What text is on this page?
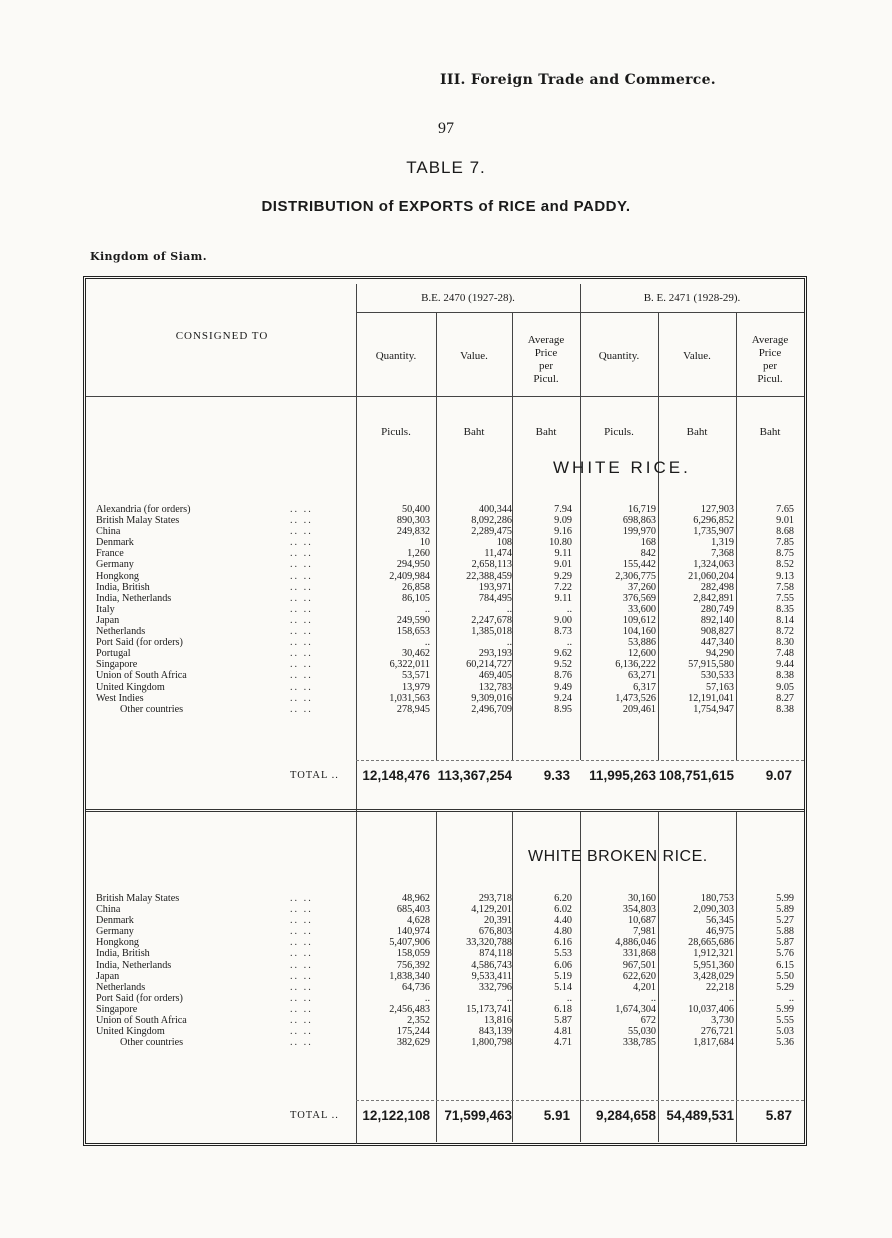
III. Foreign Trade and Commerce.
97
TABLE 7.
DISTRIBUTION of EXPORTS of RICE and PADDY.
Kingdom of Siam.
CONSIGNED TO
B.E. 2470 (1927-28).	B. E. 2471 (1928-29).
Quantity.	Value.
Average
Price
per
Picul.
Quantity.	Value.
Average
Price
per
Picul.
Piculs.	Baht	Baht	Piculs.	Baht	Baht
WHITE RICE.
Alexandria (for orders)	.. ..	50,400	400,344	7.94	16,719	127,903	7.65
British Malay States	.. ..	890,303	8,092,286	9.09	698,863	6,296,852	9.01
China	.. ..	249,832	2,289,475	9.16	199,970	1,735,907	8.68
Denmark	.. ..	10	108	10.80	168	1,319	7.85
France	.. ..	1,260	11,474	9.11	842	7,368	8.75
Germany	.. ..	294,950	2,658,113	9.01	155,442	1,324,063	8.52
Hongkong	.. ..	2,409,984	22,388,459	9.29	2,306,775	21,060,204	9.13
India, British	.. ..	26,858	193,971	7.22	37,260	282,498	7.58
India, Netherlands	.. ..	86,105	784,495	9.11	376,569	2,842,891	7.55
Italy	.. ..	..	..	..	33,600	280,749	8.35
Japan	.. ..	249,590	2,247,678	9.00	109,612	892,140	8.14
Netherlands	.. ..	158,653	1,385,018	8.73	104,160	908,827	8.72
Port Said (for orders)	.. ..	..	..	..	53,886	447,340	8.30
Portugal	.. ..	30,462	293,193	9.62	12,600	94,290	7.48
Singapore	.. ..	6,322,011	60,214,727	9.52	6,136,222	57,915,580	9.44
Union of South Africa	.. ..	53,571	469,405	8.76	63,271	530,533	8.38
United Kingdom	.. ..	13,979	132,783	9.49	6,317	57,163	9.05
West Indies	.. ..	1,031,563	9,309,016	9.24	1,473,526	12,191,041	8.27
Other countries	.. ..	278,945	2,496,709	8.95	209,461	1,754,947	8.38
TOTAL .. 12,148,476 113,367,254 9.33 11,995,263 108,751,615 9.07
WHITE BROKEN RICE.
British Malay States	.. ..	48,962	293,718	6.20	30,160	180,753	5.99
China	.. ..	685,403	4,129,201	6.02	354,803	2,090,303	5.89
Denmark	.. ..	4,628	20,391	4.40	10,687	56,345	5.27
Germany	.. ..	140,974	676,803	4.80	7,981	46,975	5.88
Hongkong	.. ..	5,407,906	33,320,788	6.16	4,886,046	28,665,686	5.87
India, British	.. ..	158,059	874,118	5.53	331,868	1,912,321	5.76
India, Netherlands	.. ..	756,392	4,586,743	6.06	967,501	5,951,360	6.15
Japan	.. ..	1,838,340	9,533,411	5.19	622,620	3,428,029	5.50
Netherlands	.. ..	64,736	332,796	5.14	4,201	22,218	5.29
Port Said (for orders)	.. ..	..	..	..	..	..	..
Singapore	.. ..	2,456,483	15,173,741	6.18	1,674,304	10,037,406	5.99
Union of South Africa	.. ..	2,352	13,816	5.87	672	3,730	5.55
United Kingdom	.. ..	175,244	843,139	4.81	55,030	276,721	5.03
Other countries	.. ..	382,629	1,800,798	4.71	338,785	1,817,684	5.36
TOTAL .. 12,122,108 71,599,463 5.91 9,284,658 54,489,531 5.87
